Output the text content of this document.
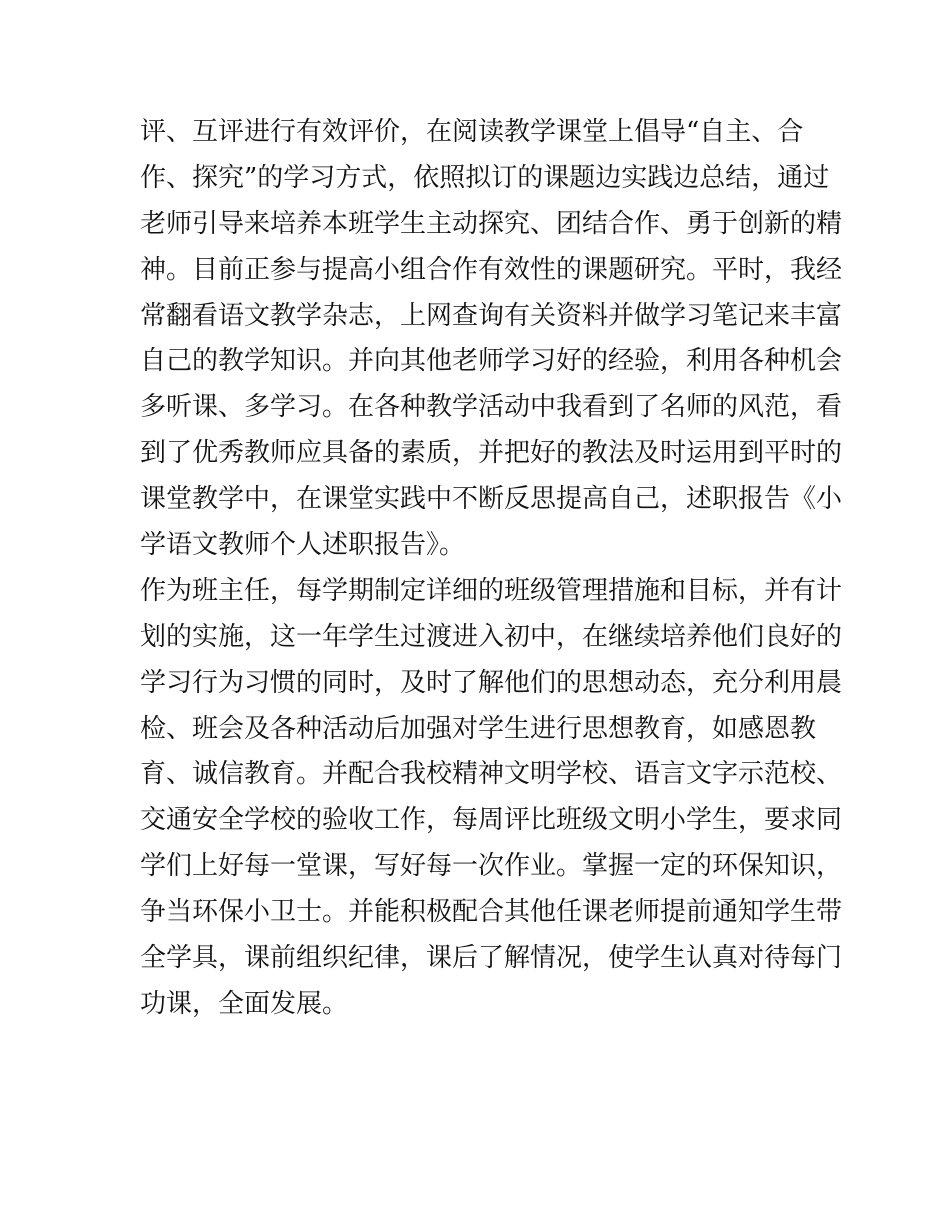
评、互评进行有效评价，在阅读教学课堂上倡导“自主、合
作、探究”的学习方式，依照拟订的课题边实践边总结，通过
老师引导来培养本班学生主动探究、团结合作、勇于创新的精
神。目前正参与提高小组合作有效性的课题研究。平时，我经
常翻看语文教学杂志，上网查询有关资料并做学习笔记来丰富
自己的教学知识。并向其他老师学习好的经验，利用各种机会
多听课、多学习。在各种教学活动中我看到了名师的风范，看
到了优秀教师应具备的素质，并把好的教法及时运用到平时的
课堂教学中，在课堂实践中不断反思提高自己，述职报告《小
学语文教师个人述职报告》。
作为班主任，每学期制定详细的班级管理措施和目标，并有计
划的实施，这一年学生过渡进入初中，在继续培养他们良好的
学习行为习惯的同时，及时了解他们的思想动态，充分利用晨
检、班会及各种活动后加强对学生进行思想教育，如感恩教
育、诚信教育。并配合我校精神文明学校、语言文字示范校、
交通安全学校的验收工作，每周评比班级文明小学生，要求同
学们上好每一堂课，写好每一次作业。掌握一定的环保知识，
争当环保小卫士。并能积极配合其他任课老师提前通知学生带
全学具，课前组织纪律，课后了解情况，使学生认真对待每门
功课，全面发展。
